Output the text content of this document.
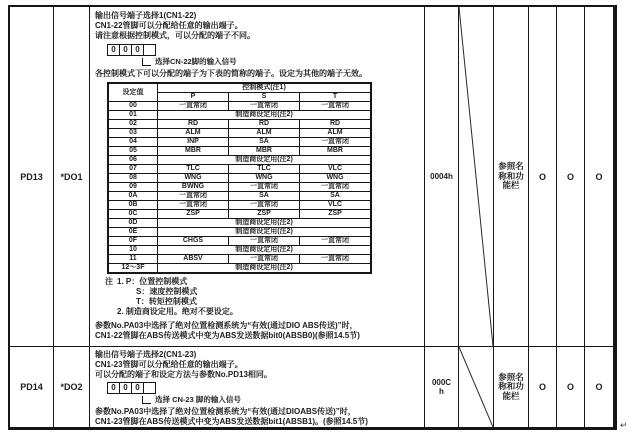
PD13 *DO1
输出信号端子选择1(CN1-22)
CN1-22管脚可以分配给任意的输出端子。
请注意根据控制模式，可以分配的端子不同。
0 0 0
选择CN-22脚的输入信号
各控制模式下可以分配的端子为下表的简称的端子。设定为其他的端子无效。
设定值	控制模式(注1)		
	P	S	T
00	一直常闭	一直常闭	一直常闭
01	制造商设定用(注2)		
02	RD	RD	RD
03	ALM	ALM	ALM
04	INP	SA	一直常闭
05	MBR	MBR	MBR
06	制造商设定用(注2)		
07	TLC	TLC	VLC
08	WNG	WNG	WNG
09	BWNG	一直常闭	一直常闭
0A	一直常闭	SA	SA
0B	一直常闭	一直常闭	VLC
0C	ZSP	ZSP	ZSP
0D	制造商设定用(注2)		
0E	制造商设定用(注2)		
0F	CHGS	一直常闭	一直常闭
10	制造商设定用(注2)		
11	ABSV	一直常闭	一直常闭
12～3F	制造商设定用(注2)		
注 1. P：位置控制模式
S：速度控制模式
T：转矩控制模式
2. 制造商设定用。绝对不要设定。
参数No.PA03中选择了绝对位置检测系统为“有效(通过DIO ABS传送)”时，
CN1-22管脚在ABS传送模式中变为ABS发送数据bit0(ABSB0)(参照14.5节)
0004h
参照名称和功能栏
O	O	O
PD14 *DO2
输出信号端子选择2(CN1-23)
CN1-23管脚可以分配给任意的输出端子。
可以分配的端子和设定方法与参数No.PD13相同。
0 0 0
选择 CN-23 脚的输入信号
参数No.PA03中选择了绝对位置检测系统为“有效(通过DIOABS传送)”时，
CN1-23管脚在ABS传送模式中变为ABS发送数据bit1(ABSB1)。(参照14.5节)
000Ch
参照名称和功能栏
O	O	O
↵
